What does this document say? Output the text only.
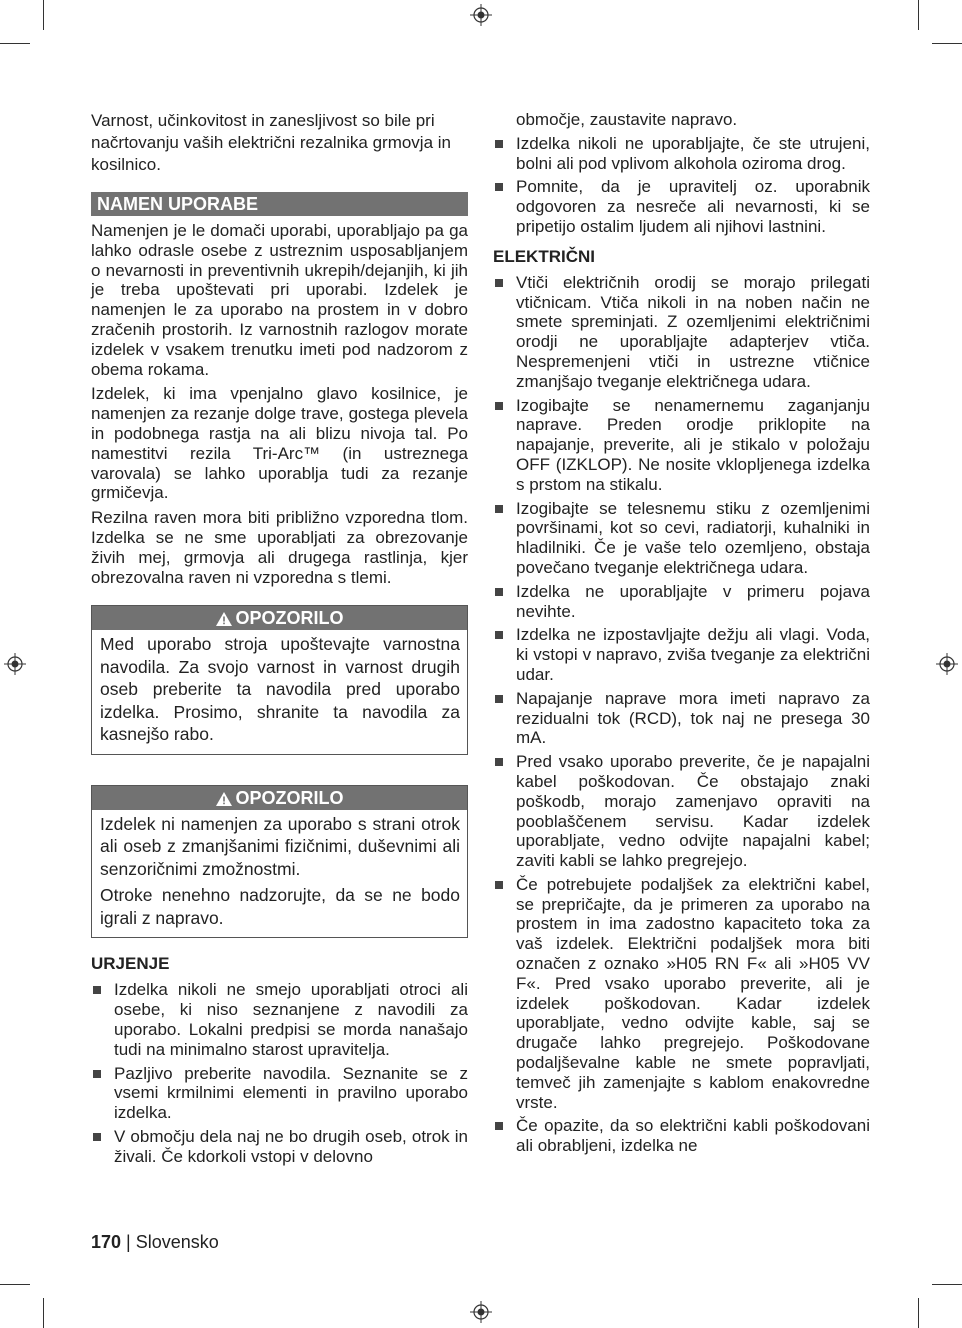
Varnost, učinkovitost in zanesljivost so bile pri načrtovanju vaših električni rezalnika grmovja in kosilnico.

NAMEN UPORABE

Namenjen je le domači uporabi, uporabljajo pa ga lahko odrasle osebe z ustreznim usposabljanjem o nevarnosti in preventivnih ukrepih/dejanjih, ki jih je treba upoštevati pri uporabi. Izdelek je namenjen le za uporabo na prostem in v dobro zračenih prostorih. Iz varnostnih razlogov morate izdelek v vsakem trenutku imeti pod nadzorom z obema rokama.

Izdelek, ki ima vpenjalno glavo kosilnice, je namenjen za rezanje dolge trave, gostega plevela in podobnega rastja na ali blizu nivoja tal. Po namestitvi rezila Tri-Arc™ (in ustreznega varovala) se lahko uporablja tudi za rezanje grmičevja.

Rezilna raven mora biti približno vzporedna tlom. Izdelka se ne sme uporabljati za obrezovanje živih mej, grmovja ali drugega rastlinja, kjer obrezovalna raven ni vzporedna s tlemi.

OPOZORILO

Med uporabo stroja upoštevajte varnostna navodila. Za svojo varnost in varnost drugih oseb preberite ta navodila pred uporabo izdelka. Prosimo, shranite ta navodila za kasnejšo rabo.

OPOZORILO

Izdelek ni namenjen za uporabo s strani otrok ali oseb z zmanjšanimi fizičnimi, duševnimi ali senzoričnimi zmožnostmi.

Otroke nenehno nadzorujte, da se ne bodo igrali z napravo.

URJENJE
Izdelka nikoli ne smejo uporabljati otroci ali osebe, ki niso seznanjene z navodili za uporabo. Lokalni predpisi se morda nanašajo tudi na minimalno starost upravitelja.
Pazljivo preberite navodila. Seznanite se z vsemi krmilnimi elementi in pravilno uporabo izdelka.
V območju dela naj ne bo drugih oseb, otrok in živali. Če kdorkoli vstopi v delovno

območje, zaustavite napravo.

Izdelka nikoli ne uporabljajte, če ste utrujeni, bolni ali pod vplivom alkohola oziroma drog.
Pomnite, da je upravitelj oz. uporabnik odgovoren za nesreče ali nevarnosti, ki se pripetijo ostalim ljudem ali njihovi lastnini.
ELEKTRIČNI
Vtiči električnih orodij se morajo prilegati vtičnicam. Vtiča nikoli in na noben način ne smete spreminjati. Z ozemljenimi električnimi orodji ne uporabljajte adapterjev vtiča. Nespremenjeni vtiči in ustrezne vtičnice zmanjšajo tveganje električnega udara.
Izogibajte se nenamernemu zaganjanju naprave. Preden orodje priklopite na napajanje, preverite, ali je stikalo v položaju OFF (IZKLOP). Ne nosite vklopljenega izdelka s prstom na stikalu.
Izogibajte se telesnemu stiku z ozemljenimi površinami, kot so cevi, radiatorji, kuhalniki in hladilniki. Če je vaše telo ozemljeno, obstaja povečano tveganje električnega udara.
Izdelka ne uporabljajte v primeru pojava nevihte.
Izdelka ne izpostavljajte dežju ali vlagi. Voda, ki vstopi v napravo, zviša tveganje za električni udar.
Napajanje naprave mora imeti napravo za rezidualni tok (RCD), tok naj ne presega 30 mA.
Pred vsako uporabo preverite, če je napajalni kabel poškodovan. Če obstajajo znaki poškodb, morajo zamenjavo opraviti na pooblaščenem servisu. Kadar izdelek uporabljate, vedno odvijte napajalni kabel; zaviti kabli se lahko pregrejejo.
Če potrebujete podaljšek za električni kabel, se prepričajte, da je primeren za uporabo na prostem in ima zadostno kapaciteto toka za vaš izdelek. Električni podaljšek mora biti označen z oznako »H05 RN F« ali »H05 VV F«. Pred vsako uporabo preverite, ali je izdelek poškodovan. Kadar izdelek uporabljate, vedno odvijte kable, saj se drugače lahko pregrejejo. Poškodovane podaljševalne kable ne smete popravljati, temveč jih zamenjajte s kablom enakovredne vrste.
Če opazite, da so električni kabli poškodovani ali obrabljeni, izdelka ne
170 | Slovensko
